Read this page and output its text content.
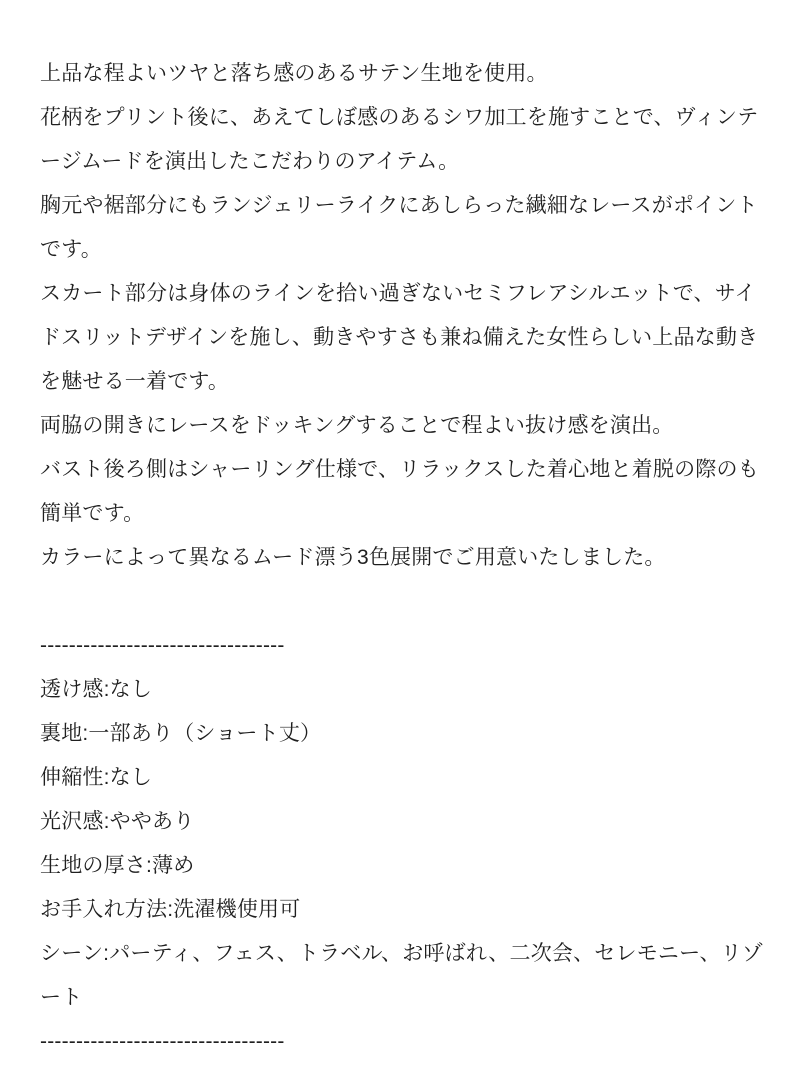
上品な程よいツヤと落ち感のあるサテン生地を使用。

花柄をプリント後に、あえてしぼ感のあるシワ加工を施すことで、ヴィンテージムードを演出したこだわりのアイテム。

胸元や裾部分にもランジェリーライクにあしらった繊細なレースがポイントです。

スカート部分は身体のラインを拾い過ぎないセミフレアシルエットで、サイドスリットデザインを施し、動きやすさも兼ね備えた女性らしい上品な動きを魅せる一着です。

両脇の開きにレースをドッキングすることで程よい抜け感を演出。

バスト後ろ側はシャーリング仕様で、リラックスした着心地と着脱の際のも簡単です。

カラーによって異なるムード漂う3色展開でご用意いたしました。

----------------------------------

透け感:なし

裏地:一部あり（ショート丈）

伸縮性:なし

光沢感:ややあり

生地の厚さ:薄め

お手入れ方法:洗濯機使用可

シーン:パーティ、フェス、トラベル、お呼ばれ、二次会、セレモニー、リゾート

----------------------------------
